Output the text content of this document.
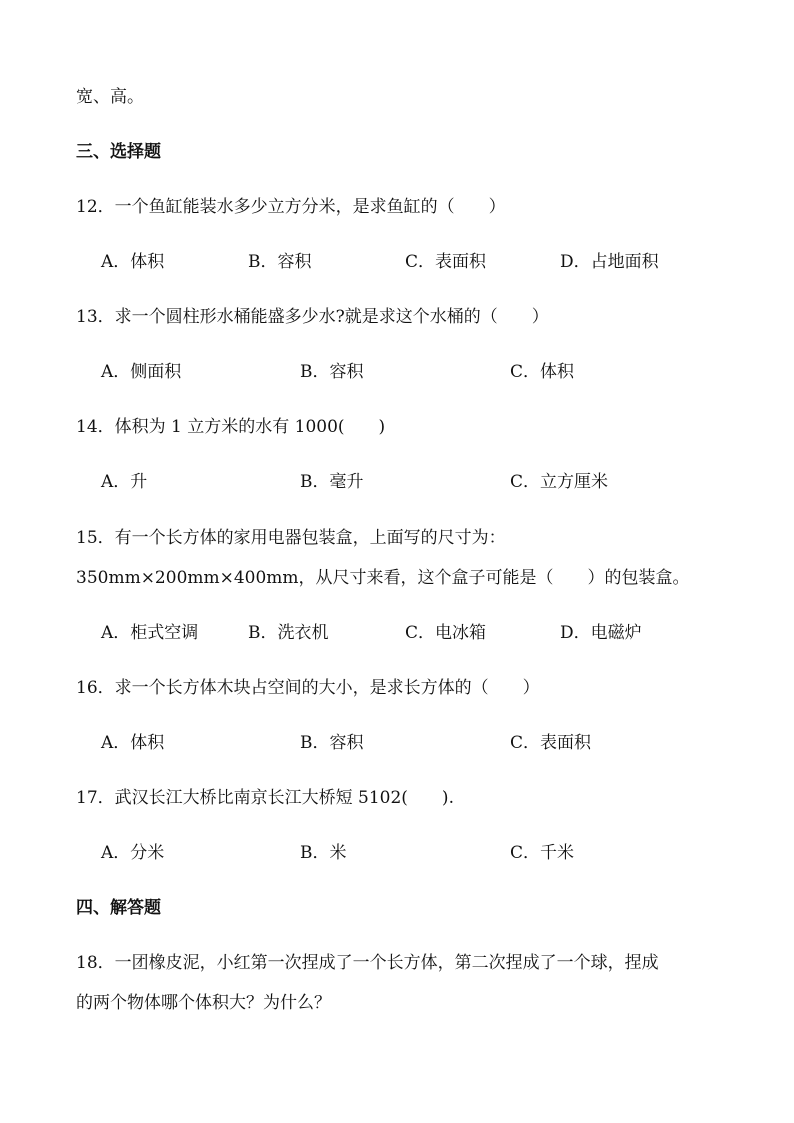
宽、高。
三、选择题
12．一个鱼缸能装水多少立方分米，是求鱼缸的（　　）
A．体积	B．容积	C．表面积	D．占地面积
13．求一个圆柱形水桶能盛多少水?就是求这个水桶的（　　）
A．侧面积	B．容积	C．体积
14．体积为 1 立方米的水有 1000(　　)
A．升	B．毫升	C．立方厘米
15．有一个长方体的家用电器包装盒，上面写的尺寸为：
350mm×200mm×400mm，从尺寸来看，这个盒子可能是（　　）的包装盒。
A．柜式空调	B．洗衣机	C．电冰箱	D．电磁炉
16．求一个长方体木块占空间的大小，是求长方体的（　　）
A．体积	B．容积	C．表面积
17．武汉长江大桥比南京长江大桥短 5102(　　).
A．分米	B．米	C．千米
四、解答题
18．一团橡皮泥，小红第一次捏成了一个长方体，第二次捏成了一个球，捏成
的两个物体哪个体积大？为什么？
